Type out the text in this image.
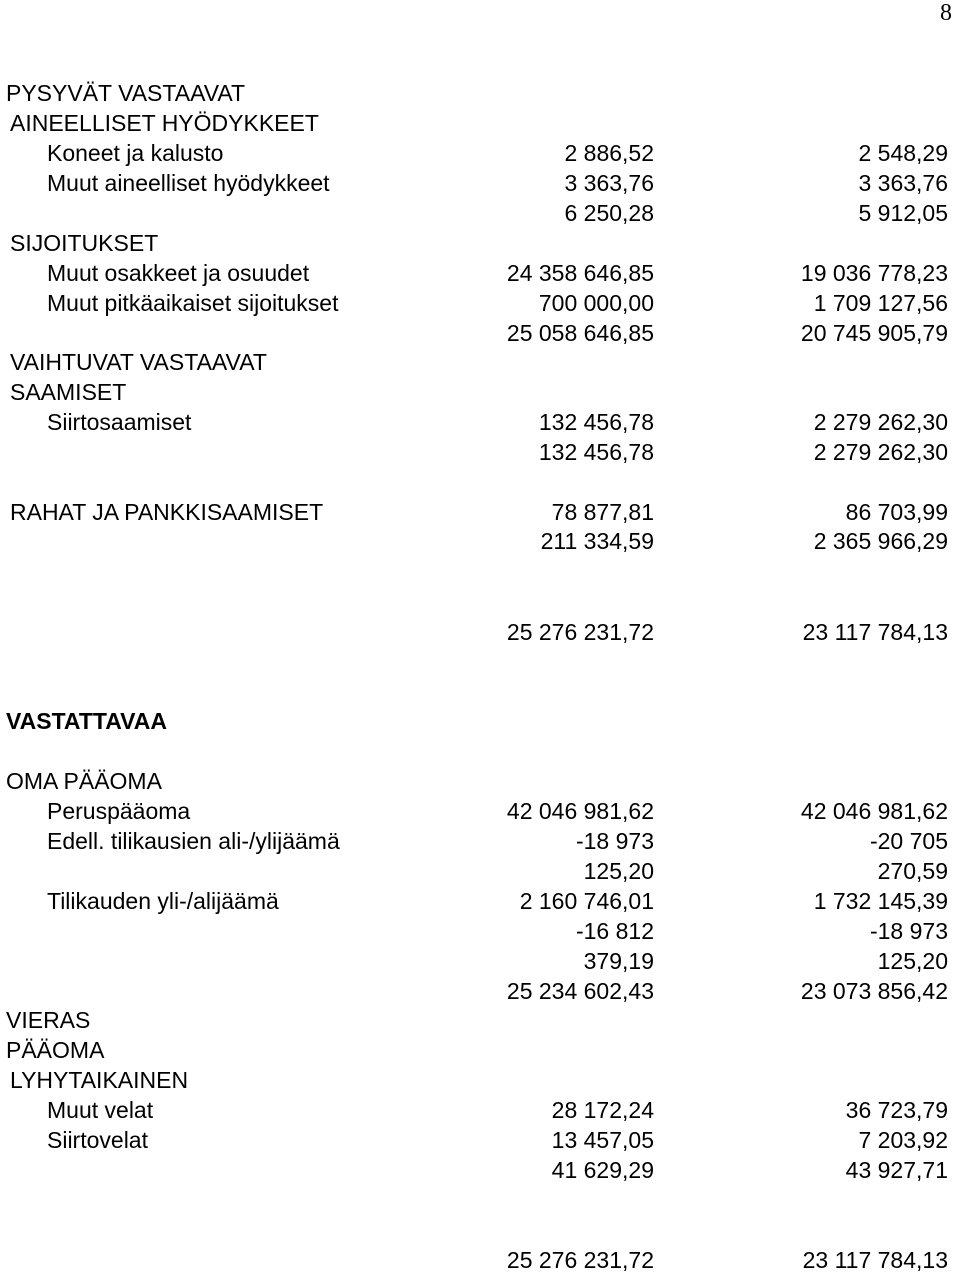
8
PYSYVÄT VASTAAVAT
AINEELLISET HYÖDYKKEET
Koneet ja kalusto	2 886,52	2 548,29
Muut aineelliset hyödykkeet	3 363,76	3 363,76
6 250,28	5 912,05
SIJOITUKSET
Muut osakkeet ja osuudet	24 358 646,85	19 036 778,23
Muut pitkäaikaiset sijoitukset	700 000,00	1 709 127,56
25 058 646,85	20 745 905,79
VAIHTUVAT VASTAAVAT
SAAMISET
Siirtosaamiset	132 456,78	2 279 262,30
132 456,78	2 279 262,30
RAHAT JA PANKKISAAMISET	78 877,81	86 703,99
211 334,59	2 365 966,29
25 276 231,72	23 117 784,13
VASTATTAVAA
OMA PÄÄOMA
Peruspääoma	42 046 981,62	42 046 981,62
Edell. tilikausien ali-/ylijäämä	-18 973	-20 705
125,20	270,59
Tilikauden yli-/alijäämä	2 160 746,01	1 732 145,39
-16 812	-18 973
379,19	125,20
25 234 602,43	23 073 856,42
VIERAS
PÄÄOMA
LYHYTAIKAINEN
Muut velat	28 172,24	36 723,79
Siirtovelat	13 457,05	7 203,92
41 629,29	43 927,71
25 276 231,72	23 117 784,13
